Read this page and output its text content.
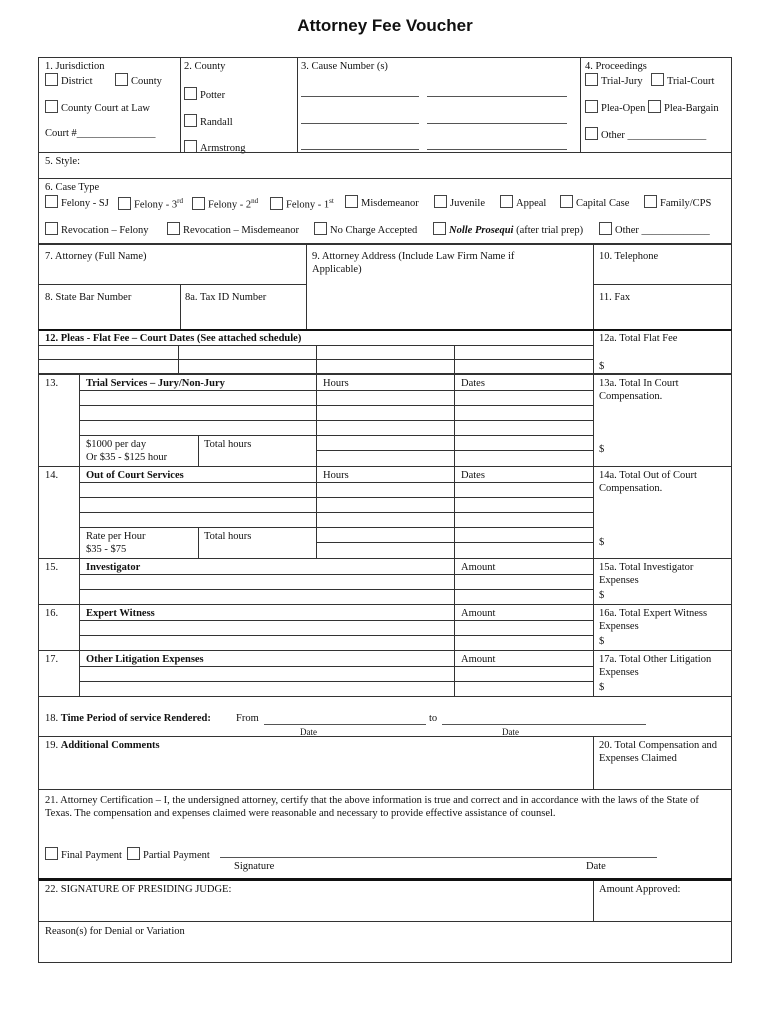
Attorney Fee Voucher
1. Jurisdiction
District	County
County Court at Law
Court #_______________
2. County
Potter
Randall
Armstrong
3. Cause Number (s)	4. Proceedings
Trial-Jury	Trial-Court
Plea-Open	Plea-Bargain
Other _______________
5. Style:
6. Case Type
Felony - SJ	Felony - 3rd	Felony - 2nd	Felony - 1st	Misdemeanor	Juvenile	Appeal	Capital Case	Family/CPS
Revocation – Felony	Revocation – Misdemeanor	No Charge Accepted	Nolle Prosequi (after trial prep)	Other _____________
7. Attorney (Full Name)	9. Attorney Address (Include Law Firm Name if Applicable)
10. Telephone
8. State Bar Number	8a. Tax ID Number	11. Fax
12. Pleas - Flat Fee – Court Dates (See attached schedule)	12a. Total Flat Fee
$
13.	Trial Services – Jury/Non-Jury	Hours	Dates	13a. Total In Court Compensation.
$1000 per day
Or $35 - $125 hour
Total hours	$
14.	Out of Court Services	Hours	Dates	14a. Total Out of Court Compensation.
Rate per Hour
$35 - $75
Total hours
$
15.	Investigator	Amount	15a. Total Investigator Expenses
$
16.	Expert Witness	Amount	16a. Total Expert Witness Expenses
$
17.	Other Litigation Expenses	Amount	17a. Total Other Litigation Expenses
$
18. Time Period of service Rendered: From	to
Date	Date
19. Additional Comments	20. Total Compensation and Expenses Claimed
21. Attorney Certification – I, the undersigned attorney, certify that the above information is true and correct and in accordance with the laws of the State of Texas. The compensation and expenses claimed were reasonable and necessary to provide effective assistance of counsel.
Final Payment	Partial Payment
Signature	Date
22. SIGNATURE OF PRESIDING JUDGE:	Amount Approved:
Reason(s) for Denial or Variation
